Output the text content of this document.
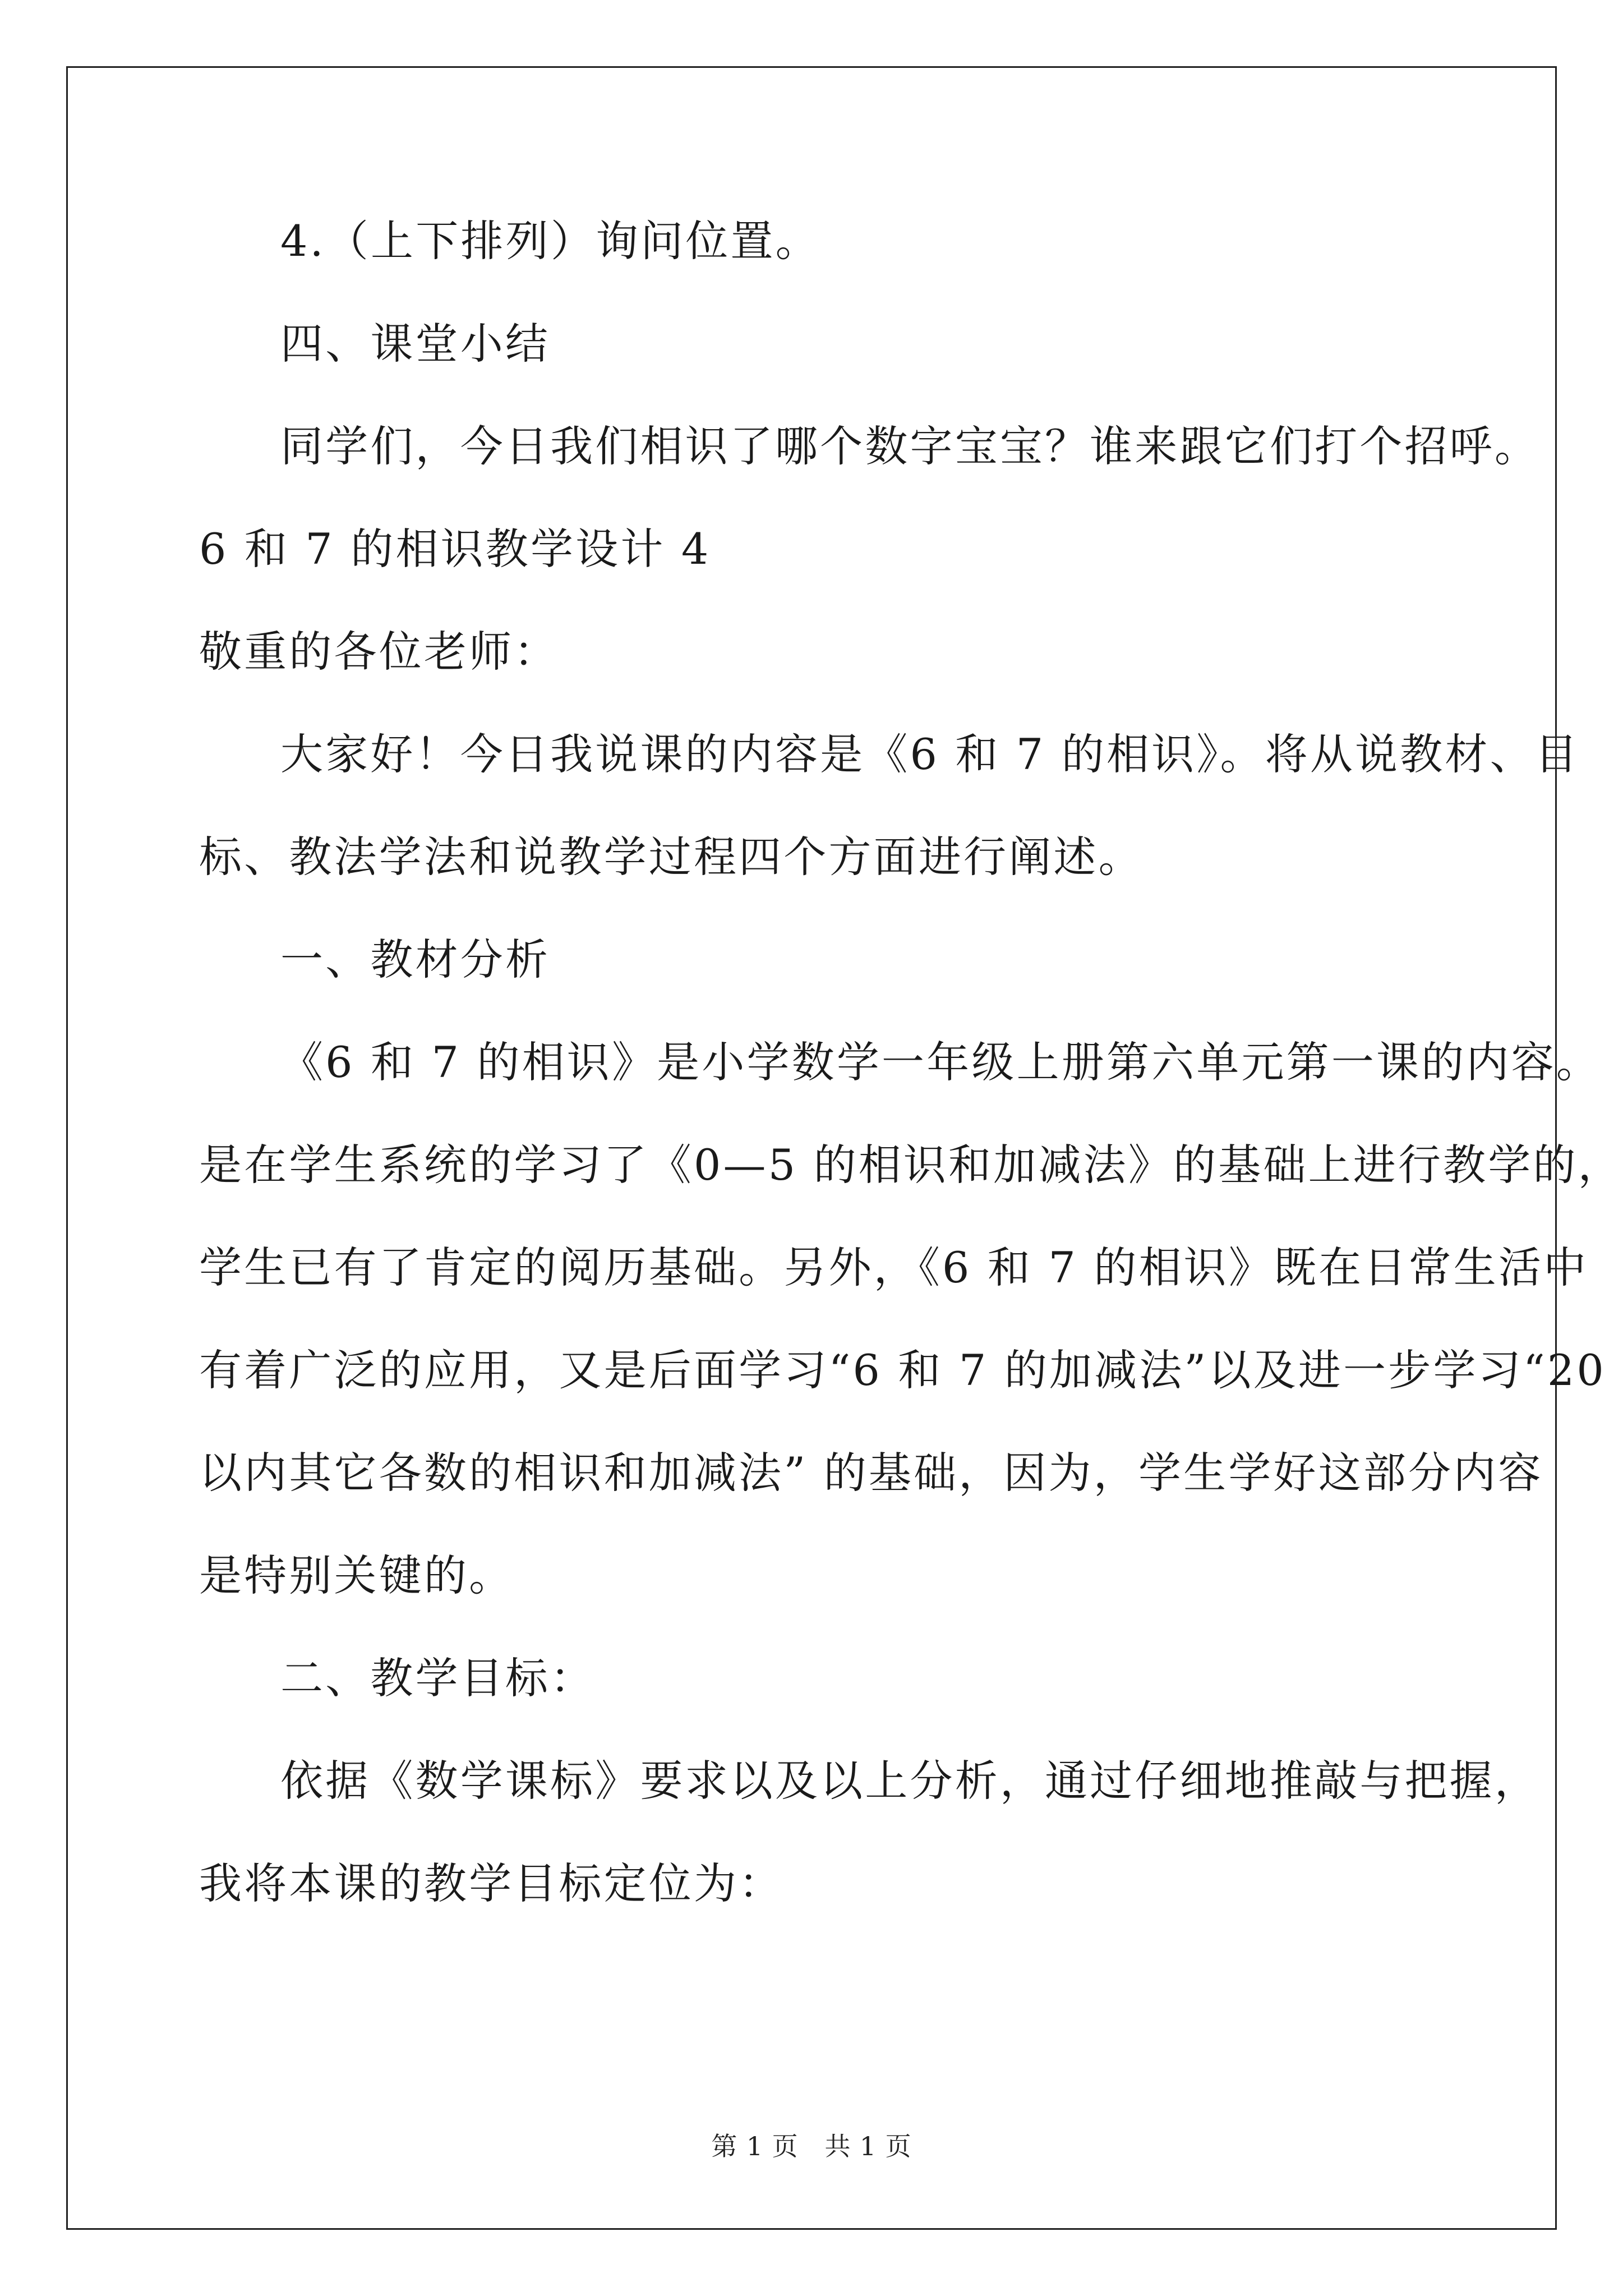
4.（上下排列）询问位置。
四、课堂小结
同学们，今日我们相识了哪个数字宝宝？谁来跟它们打个招呼。
6 和 7 的相识教学设计 4
敬重的各位老师：
大家好！今日我说课的内容是《6 和 7 的相识》。将从说教材、目
标、教法学法和说教学过程四个方面进行阐述。
一、教材分析
《6 和 7 的相识》是小学数学一年级上册第六单元第一课的内容。
是在学生系统的学习了《0—5 的相识和加减法》的基础上进行教学的，
学生已有了肯定的阅历基础。另外，《6 和 7 的相识》既在日常生活中
有着广泛的应用，又是后面学习“6 和 7 的加减法”以及进一步学习“20
以内其它各数的相识和加减法” 的基础，因为，学生学好这部分内容
是特别关键的。
二、教学目标：
依据《数学课标》要求以及以上分析，通过仔细地推敲与把握，
我将本课的教学目标定位为：
第 1 页　共 1 页
